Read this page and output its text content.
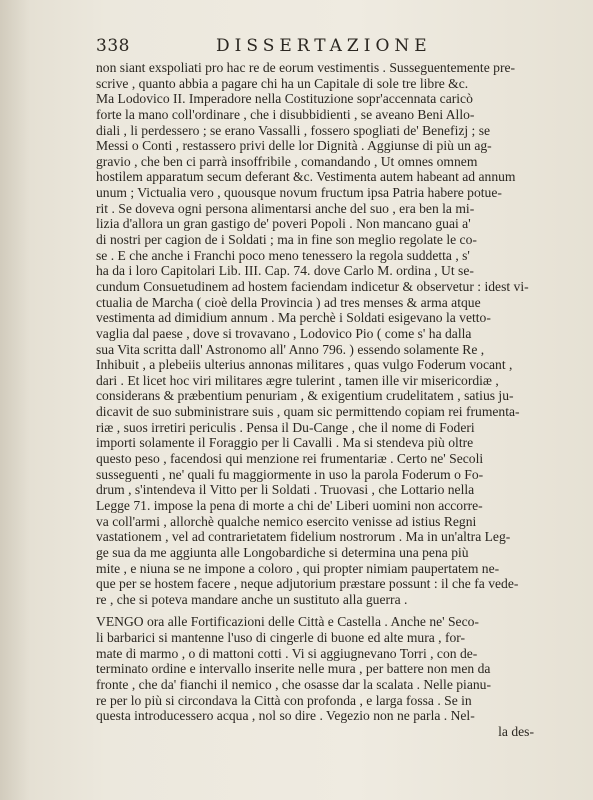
338	DISSERTAZIONE
non siant exspoliati pro hac re de eorum vestimentis . Susseguentemente pre-
scrive , quanto abbia a pagare chi ha un Capitale di sole tre libre &c.
Ma Lodovico II. Imperadore nella Costituzione sopr'accennata caricò
forte la mano coll'ordinare , che i disubbidienti , se aveano Beni Allo-
diali , li perdessero ; se erano Vassalli , fossero spogliati de' Benefizj ; se
Messi o Conti , restassero privi delle lor Dignità . Aggiunse di più un ag-
gravio , che ben ci parrà insoffribile , comandando , Ut omnes omnem
hostilem apparatum secum deferant &c. Vestimenta autem habeant ad annum
unum ; Victualia vero , quousque novum fructum ipsa Patria habere potue-
rit . Se doveva ogni persona alimentarsi anche del suo , era ben la mi-
lizia d'allora un gran gastigo de' poveri Popoli . Non mancano guai a'
di nostri per cagion de i Soldati ; ma in fine son meglio regolate le co-
se . E che anche i Franchi poco meno tenessero la regola suddetta , s'
ha da i loro Capitolari Lib. III. Cap. 74. dove Carlo M. ordina , Ut se-
cundum Consuetudinem ad hostem faciendam indicetur & observetur : idest vi-
ctualia de Marcha ( cioè della Provincia ) ad tres menses & arma atque
vestimenta ad dimidium annum . Ma perchè i Soldati esigevano la vetto-
vaglia dal paese , dove si trovavano , Lodovico Pio ( come s' ha dalla
sua Vita scritta dall' Astronomo all' Anno 796. ) essendo solamente Re ,
Inhibuit , a plebeiis ulterius annonas militares , quas vulgo Foderum vocant ,
dari . Et licet hoc viri militares ægre tulerint , tamen ille vir misericordiæ ,
considerans & præbentium penuriam , & exigentium crudelitatem , satius ju-
dicavit de suo subministrare suis , quam sic permittendo copiam rei frumenta-
riæ , suos irretiri periculis . Pensa il Du-Cange , che il nome di Foderi
importi solamente il Foraggio per li Cavalli . Ma si stendeva più oltre
questo peso , facendosi qui menzione rei frumentariæ . Certo ne' Secoli
susseguenti , ne' quali fu maggiormente in uso la parola Foderum o Fo-
drum , s'intendeva il Vitto per li Soldati . Truovasi , che Lottario nella
Legge 71. impose la pena di morte a chi de' Liberi uomini non accorre-
va coll'armi , allorchè qualche nemico esercito venisse ad istius Regni
vastationem , vel ad contrarietatem fidelium nostrorum . Ma in un'altra Leg-
ge sua da me aggiunta alle Longobardiche si determina una pena più
mite , e niuna se ne impone a coloro , qui propter nimiam paupertatem ne-
que per se hostem facere , neque adjutorium præstare possunt : il che fa vede-
re , che si poteva mandare anche un sustituto alla guerra .
VENGO ora alle Fortificazioni delle Città e Castella . Anche ne' Seco-
li barbarici si mantenne l'uso di cingerle di buone ed alte mura , for-
mate di marmo , o di mattoni cotti . Vi si aggiugnevano Torri , con de-
terminato ordine e intervallo inserite nelle mura , per battere non men da
fronte , che da' fianchi il nemico , che osasse dar la scalata . Nelle pianu-
re per lo più si circondava la Città con profonda , e larga fossa . Se in
questa introducessero acqua , nol so dire . Vegezio non ne parla . Nel-
la des-
